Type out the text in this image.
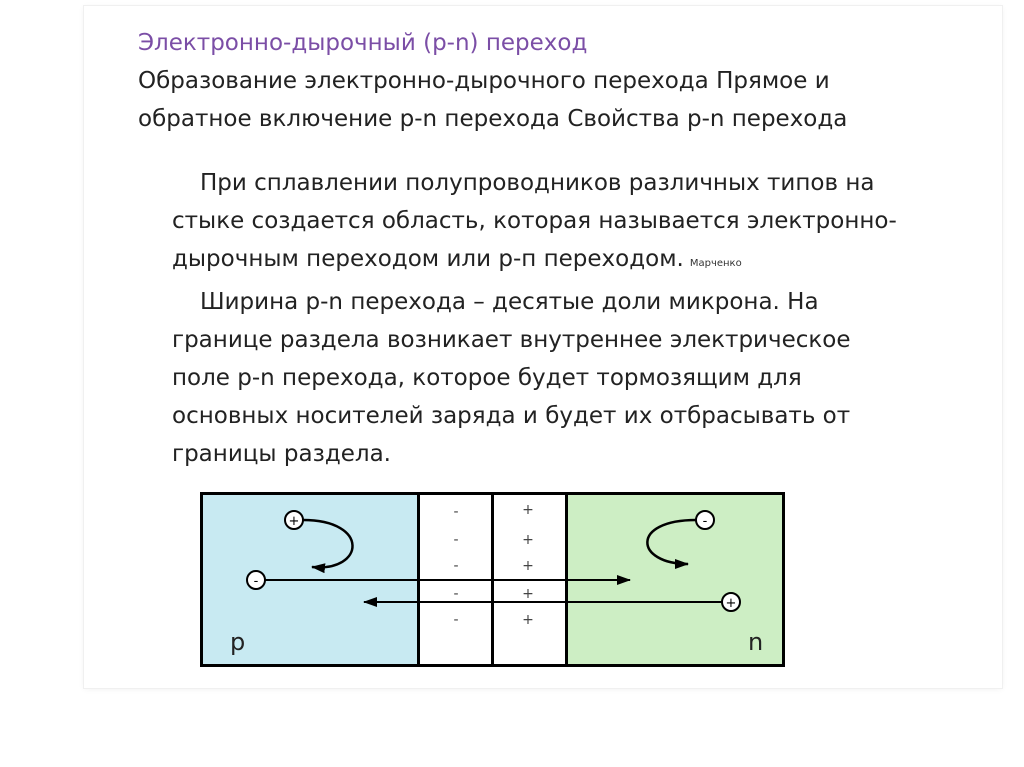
Электронно-дырочный (p-n) переход
Образование электронно-дырочного перехода Прямое и
обратное включение p-n перехода Свойства p-n перехода
При сплавлении полупроводников различных типов на
стыке создается область, которая называется электронно-
дырочным переходом или p-п переходом. Марченко
Ширина p-n перехода – десятые доли микрона. На
границе раздела возникает внутреннее электрическое
поле p-n перехода, которое будет тормозящим для
основных носителей заряда и будет их отбрасывать от
границы раздела.
-
-
-
-
-
+
+
+
+
+
+
-
+
-
p	n
